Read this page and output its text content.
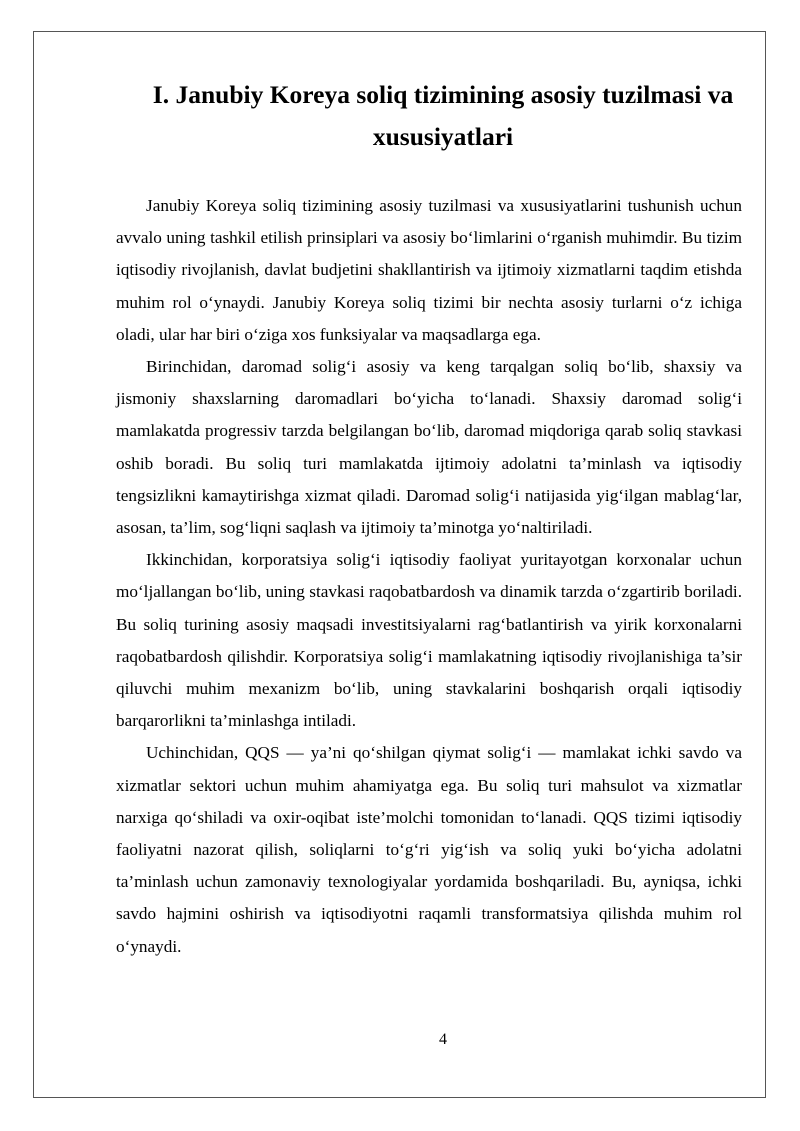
I. Janubiy Koreya soliq tizimining asosiy tuzilmasi va xususiyatlari

Janubiy Koreya soliq tizimining asosiy tuzilmasi va xususiyatlarini tushunish uchun avvalo uning tashkil etilish prinsiplari va asosiy bo‘limlarini o‘rganish muhimdir. Bu tizim iqtisodiy rivojlanish, davlat budjetini shakllantirish va ijtimoiy xizmatlarni taqdim etishda muhim rol o‘ynaydi. Janubiy Koreya soliq tizimi bir nechta asosiy turlarni o‘z ichiga oladi, ular har biri o‘ziga xos funksiyalar va maqsadlarga ega.

Birinchidan, daromad solig‘i asosiy va keng tarqalgan soliq bo‘lib, shaxsiy va jismoniy shaxslarning daromadlari bo‘yicha to‘lanadi. Shaxsiy daromad solig‘i mamlakatda progressiv tarzda belgilangan bo‘lib, daromad miqdoriga qarab soliq stavkasi oshib boradi. Bu soliq turi mamlakatda ijtimoiy adolatni ta’minlash va iqtisodiy tengsizlikni kamaytirishga xizmat qiladi. Daromad solig‘i natijasida yig‘ilgan mablag‘lar, asosan, ta’lim, sog‘liqni saqlash va ijtimoiy ta’minotga yo‘naltiriladi.

Ikkinchidan, korporatsiya solig‘i iqtisodiy faoliyat yuritayotgan korxonalar uchun mo‘ljallangan bo‘lib, uning stavkasi raqobatbardosh va dinamik tarzda o‘zgartirib boriladi. Bu soliq turining asosiy maqsadi investitsiyalarni rag‘batlantirish va yirik korxonalarni raqobatbardosh qilishdir. Korporatsiya solig‘i mamlakatning iqtisodiy rivojlanishiga ta’sir qiluvchi muhim mexanizm bo‘lib, uning stavkalarini boshqarish orqali iqtisodiy barqarorlikni ta’minlashga intiladi.

Uchinchidan, QQS — ya’ni qo‘shilgan qiymat solig‘i — mamlakat ichki savdo va xizmatlar sektori uchun muhim ahamiyatga ega. Bu soliq turi mahsulot va xizmatlar narxiga qo‘shiladi va oxir-oqibat iste’molchi tomonidan to‘lanadi. QQS tizimi iqtisodiy faoliyatni nazorat qilish, soliqlarni to‘g‘ri yig‘ish va soliq yuki bo‘yicha adolatni ta’minlash uchun zamonaviy texnologiyalar yordamida boshqariladi. Bu, ayniqsa, ichki savdo hajmini oshirish va iqtisodiyotni raqamli transformatsiya qilishda muhim rol o‘ynaydi.

4
